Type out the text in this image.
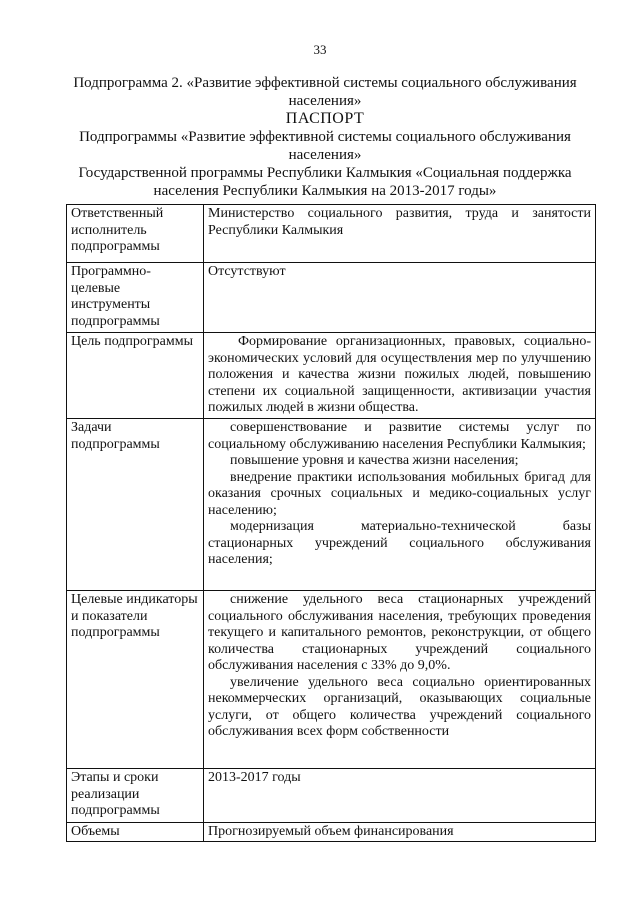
33

Подпрограмма 2. «Развитие эффективной системы социального обслуживания населения»

ПАСПОРТ

Подпрограммы «Развитие эффективной системы социального обслуживания населения»

Государственной программы Республики Калмыкия «Социальная поддержка населения Республики Калмыкия на 2013-2017 годы»

Ответственный исполнитель подпрограммы	Министерство социального развития, труда и занятости Республики Калмыкия

Программно-целевые инструменты подпрограммы	Отсутствуют

Цель подпрограммы	Формирование организационных, правовых, социально-экономических условий для осуществления мер по улучшению положения и качества жизни пожилых людей, повышению степени их социальной защищенности, активизации участия пожилых людей в жизни общества.

Задачи подпрограммы	совершенствование и развитие системы услуг по социальному обслуживанию населения Республики Калмыкия;

повышение уровня и качества жизни населения;

внедрение практики использования мобильных бригад для оказания срочных социальных и медико-социальных услуг населению;

модернизация материально-технической базы стационарных учреждений социального обслуживания населения;

Целевые индикаторы и показатели подпрограммы	снижение удельного веса стационарных учреждений социального обслуживания населения, требующих проведения текущего и капитального ремонтов, реконструкции, от общего количества стационарных учреждений социального обслуживания населения с 33% до 9,0%.

увеличение удельного веса социально ориентированных некоммерческих организаций, оказывающих социальные услуги, от общего количества учреждений социального обслуживания всех форм собственности

Этапы и сроки реализации подпрограммы	2013-2017 годы

Объемы	Прогнозируемый объем финансирования
